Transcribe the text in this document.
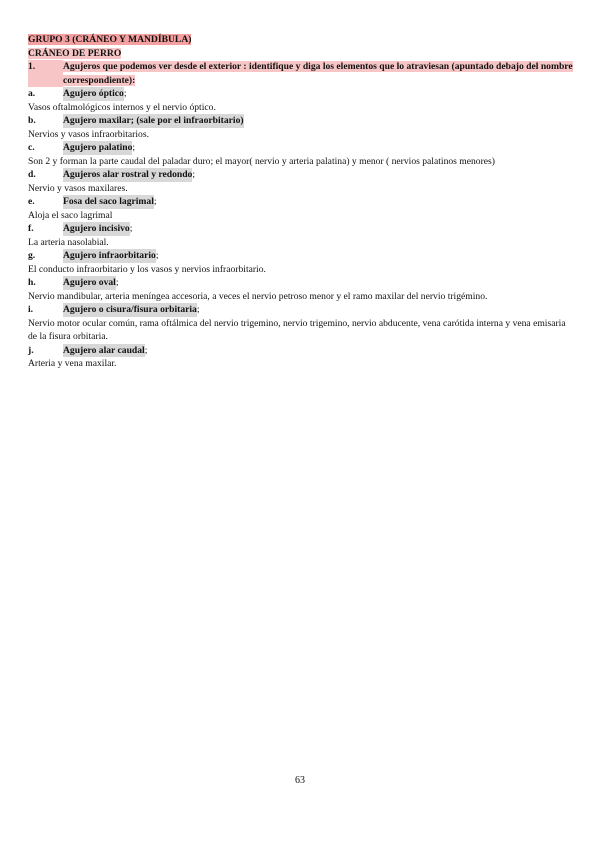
GRUPO 3 (CRÁNEO Y MANDÍBULA)

CRÁNEO DE PERRO

1.	Agujeros que podemos ver desde el exterior : identifique y diga los elementos que lo atraviesan (apuntado debajo del nombre correspondiente):
a.	Agujero óptico ;

Vasos oftalmológicos internos y el nervio óptico.

b.	Agujero maxilar; (sale por el infraorbitario)

Nervios y vasos infraorbitarios.

c.	Agujero palatino ;

Son 2 y forman la parte caudal del paladar duro; el mayor( nervio y arteria palatina) y menor ( nervios palatinos menores)

d.	Agujeros alar rostral y redondo ;

Nervio y vasos maxilares.

e.	Fosa del saco lagrimal ;

Aloja el saco lagrimal

f.	Agujero incisivo ;

La arteria nasolabial.

g.	Agujero infraorbitario ;

El conducto infraorbitario y los vasos y nervios infraorbitario.

h.	Agujero oval ;

Nervio mandibular, arteria meníngea accesoria, a veces el nervio petroso menor y el ramo maxilar del nervio trigémino.

i.	Agujero o cisura/fisura orbitaria ;

Nervio motor ocular común, rama oftálmica del nervio trigemino, nervio trigemino, nervio abducente, vena carótida interna y vena emisaria de la fisura orbitaria.

j.	Agujero alar caudal ;

Arteria y vena maxilar.

63
